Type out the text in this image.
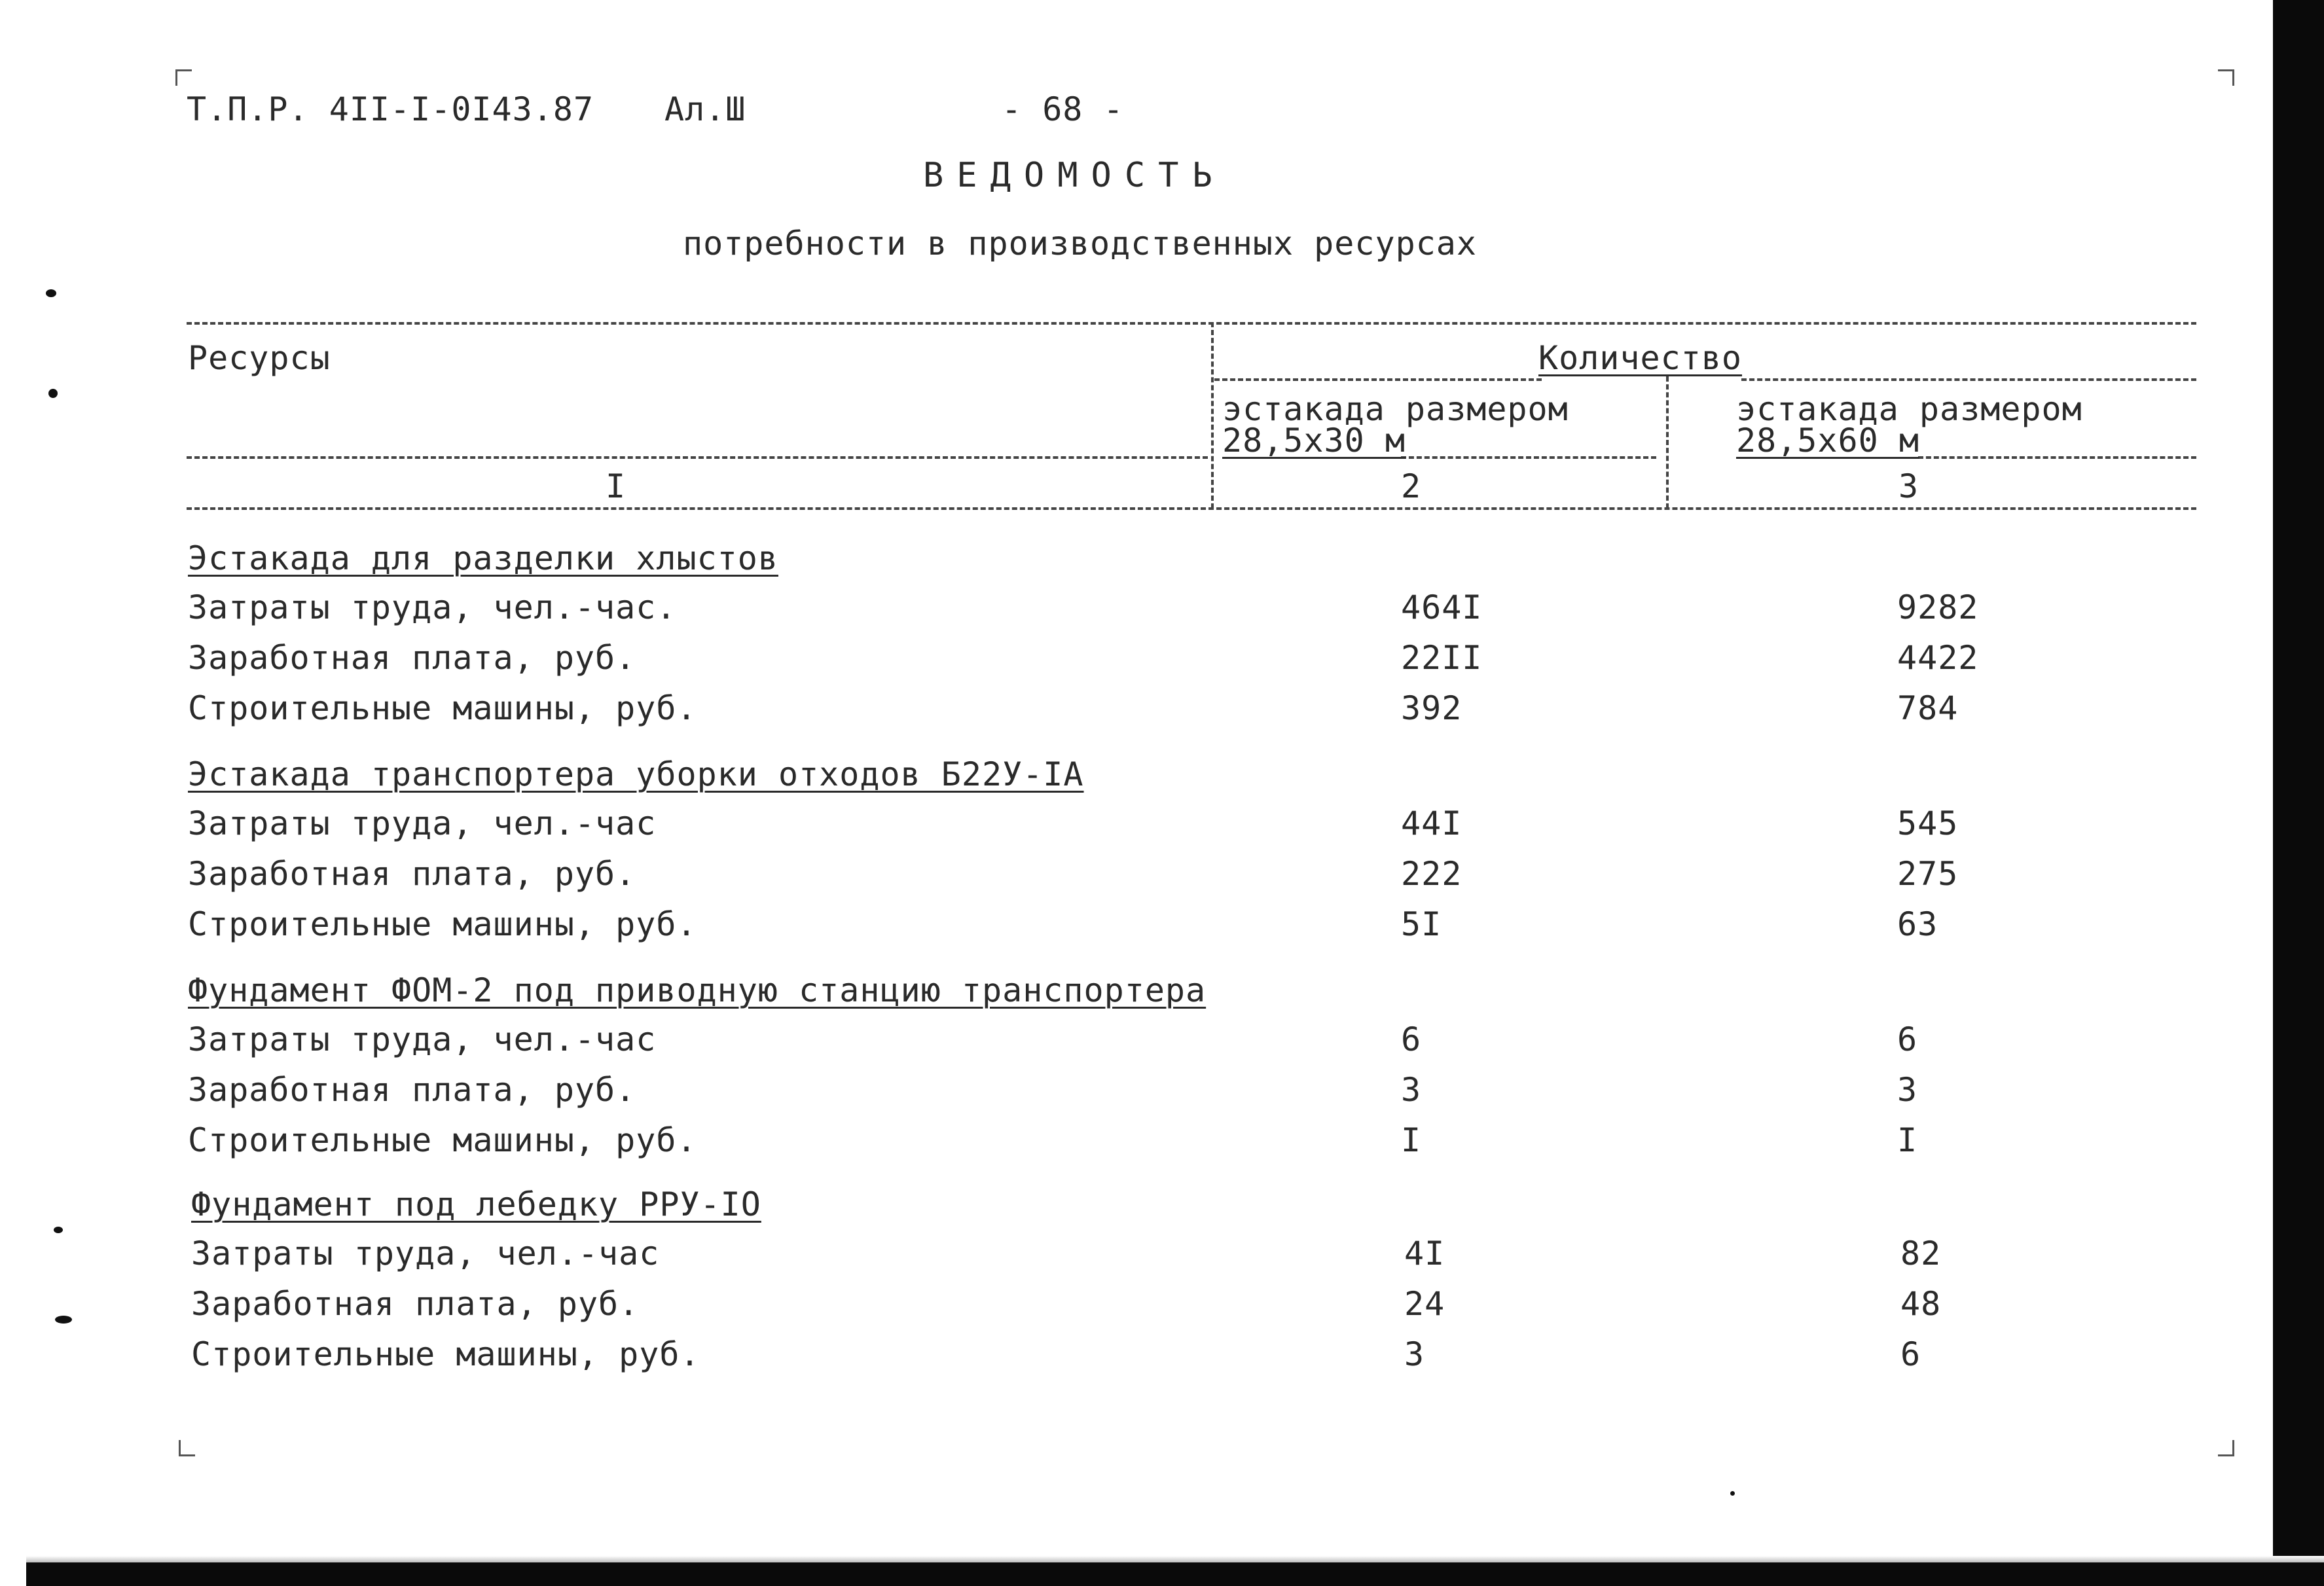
Т.П.Р. 4II-I-0I43.87 Ал.Ш	- 68 -
ВЕДОМОСТЬ
потребности в производственных ресурсах
Ресурсы	Количество
эстакада размером
28,5х30 м
эстакада размером
28,5х60 м
I	2	3
Эстакада для разделки хлыстов
Затраты труда, чел.-час.	464I	9282
Заработная плата, руб.	22II	4422
Строительные машины, руб.	392	784
Эстакада транспортера уборки отходов Б22У-IА
Затраты труда, чел.-час	44I	545
Заработная плата, руб.	222	275
Строительные машины, руб.	5I	63
Фундамент ФОМ-2 под приводную станцию транспортера
Затраты труда, чел.-час	6	6
Заработная плата, руб.	3	3
Строительные машины, руб.	I	I
Фундамент под лебедку РРУ-IО
Затраты труда, чел.-час	4I	82
Заработная плата, руб.	24	48
Строительные машины, руб.	3	6
